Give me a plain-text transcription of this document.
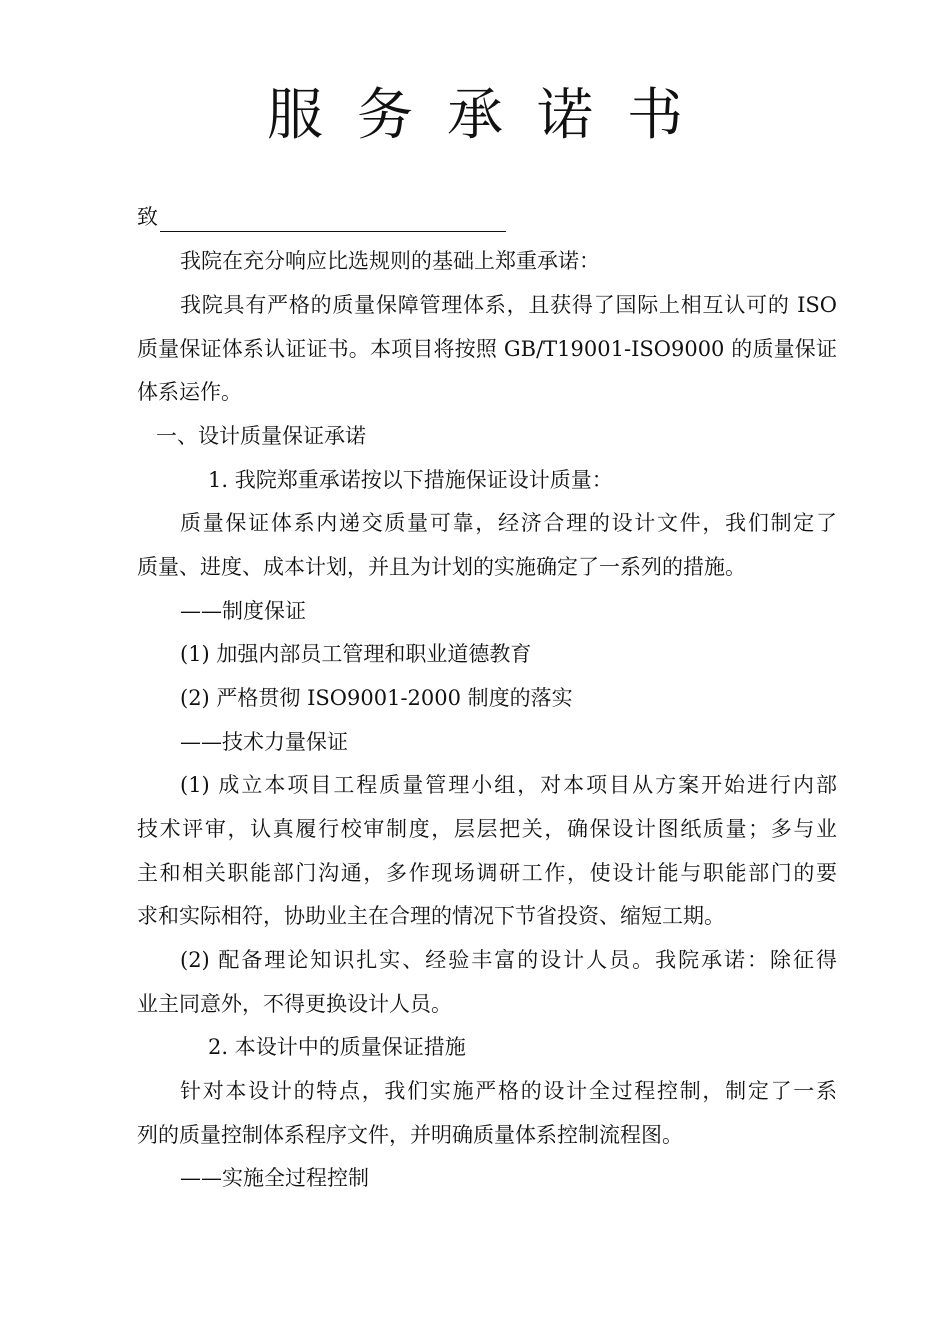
服务承诺书
致
我院在充分响应比选规则的基础上郑重承诺：
我院具有严格的质量保障管理体系，且获得了国际上相互认可的 ISO
质量保证体系认证证书。本项目将按照 GB/T19001-ISO9000 的质量保证
体系运作。
一、设计质量保证承诺
1. 我院郑重承诺按以下措施保证设计质量：
质量保证体系内递交质量可靠，经济合理的设计文件，我们制定了
质量、进度、成本计划，并且为计划的实施确定了一系列的措施。
——制度保证
(1) 加强内部员工管理和职业道德教育
(2) 严格贯彻 ISO9001-2000 制度的落实
——技术力量保证
(1) 成立本项目工程质量管理小组，对本项目从方案开始进行内部
技术评审，认真履行校审制度，层层把关，确保设计图纸质量；多与业
主和相关职能部门沟通，多作现场调研工作，使设计能与职能部门的要
求和实际相符，协助业主在合理的情况下节省投资、缩短工期。
(2) 配备理论知识扎实、经验丰富的设计人员。我院承诺：除征得
业主同意外，不得更换设计人员。
2. 本设计中的质量保证措施
针对本设计的特点，我们实施严格的设计全过程控制，制定了一系
列的质量控制体系程序文件，并明确质量体系控制流程图。
——实施全过程控制
